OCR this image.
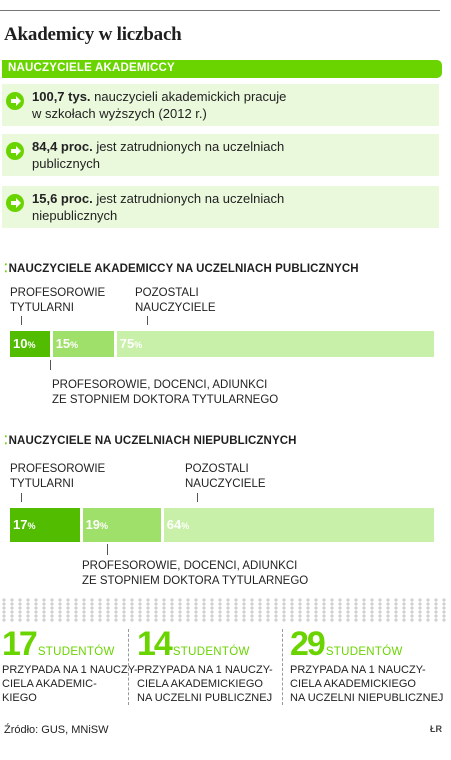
Akademicy w liczbach
NAUCZYCIELE AKADEMICCY
100,7 tys. nauczycieli akademickich pracuje
w szkołach wyższych (2012 r.)
84,4 proc. jest zatrudnionych na uczelniach
publicznych
15,6 proc. jest zatrudnionych na uczelniach
niepublicznych
⁚ NAUCZYCIELE AKADEMICCY NA UCZELNIACH PUBLICZNYCH
PROFESOROWIE
TYTULARNI
POZOSTALI
NAUCZYCIELE
10% 15%	75%
PROFESOROWIE, DOCENCI, ADIUNKCI
ZE STOPNIEM DOKTORA TYTULARNEGO
⁚ NAUCZYCIELE NA UCZELNIACH NIEPUBLICZNYCH
PROFESOROWIE
TYTULARNI
POZOSTALI
NAUCZYCIELE
17%	19%	64%
PROFESOROWIE, DOCENCI, ADIUNKCI
ZE STOPNIEM DOKTORA TYTULARNEGO
17 STUDENTÓW
PRZYPADA NA 1 NAUCZY-
CIELA AKADEMIC-
KIEGO
14 STUDENTÓW
PRZYPADA NA 1 NAUCZY-
CIELA AKADEMICKIEGO
NA UCZELNI PUBLICZNEJ
29 STUDENTÓW
PRZYPADA NA 1 NAUCZY-
CIELA AKADEMICKIEGO
NA UCZELNI NIEPUBLICZNEJ
Źródło: GUS, MNiSW	ŁR
